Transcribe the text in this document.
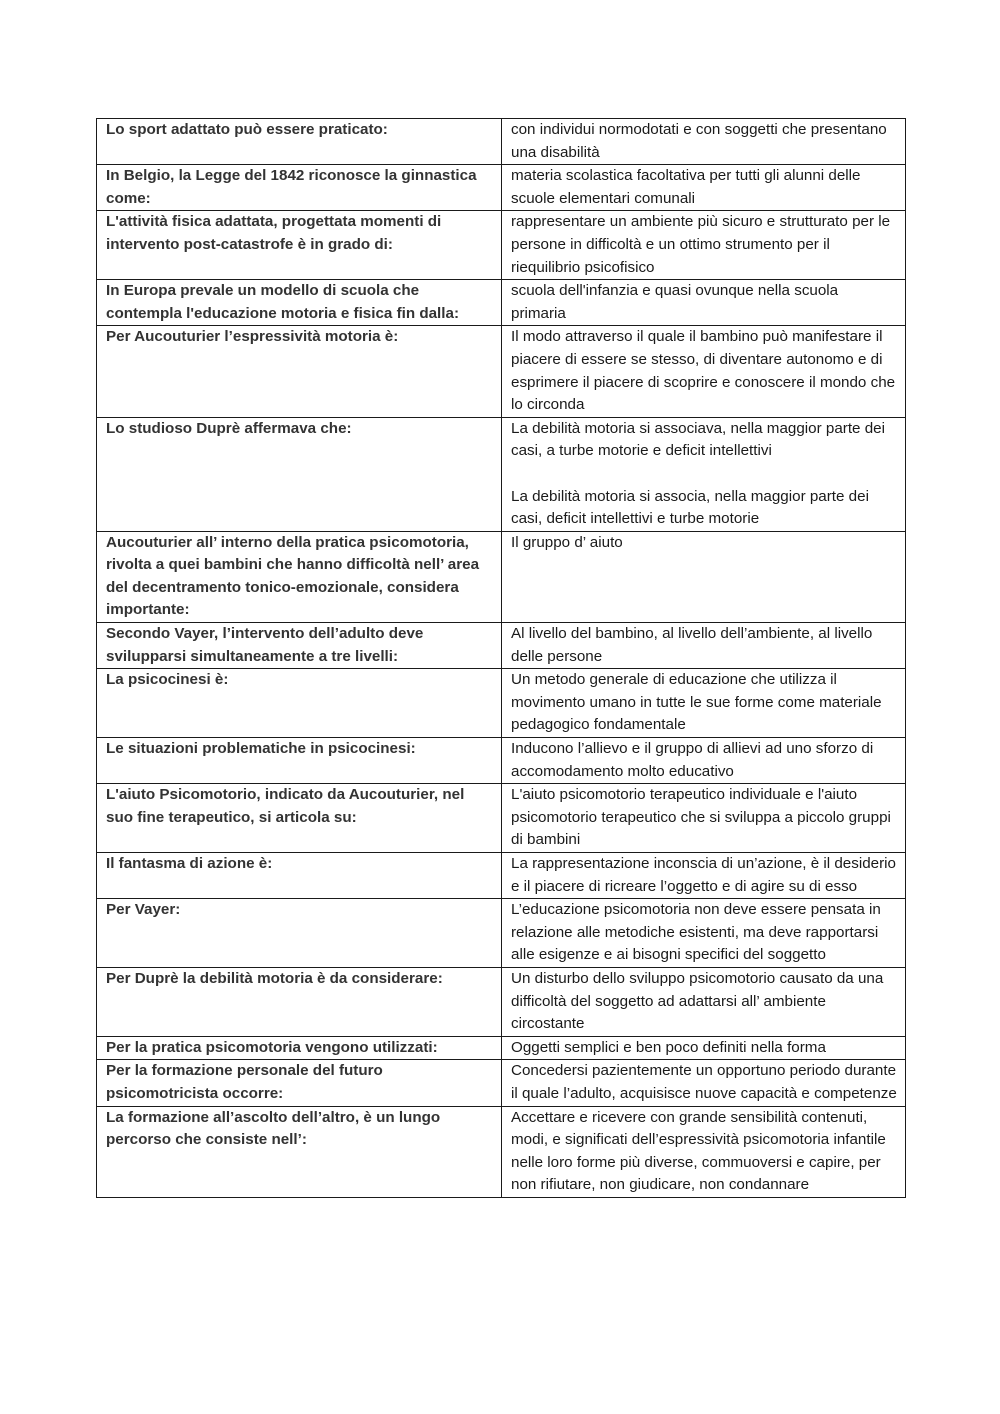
Lo sport adattato può essere praticato:	con individui normodotati e con soggetti che presentano una disabilità

In Belgio, la Legge del 1842 riconosce la ginnastica come:	materia scolastica facoltativa per tutti gli alunni delle scuole elementari comunali

L'attività fisica adattata, progettata momenti di intervento post-catastrofe è in grado di:	rappresentare un ambiente più sicuro e strutturato per le persone in difficoltà e un ottimo strumento per il riequilibrio psicofisico

In Europa prevale un modello di scuola che contempla l'educazione motoria e fisica fin dalla:	scuola dell'infanzia e quasi ovunque nella scuola primaria

Per Aucouturier l’espressività motoria è:	Il modo attraverso il quale il bambino può manifestare il piacere di essere se stesso, di diventare autonomo e di esprimere il piacere di scoprire e conoscere il mondo che lo circonda

Lo studioso Duprè affermava che:	La debilità motoria si associava, nella maggior parte dei casi, a turbe motorie e deficit intellettivi
La debilità motoria si associa, nella maggior parte dei casi, deficit intellettivi e turbe motorie

Aucouturier all’ interno della pratica psicomotoria, rivolta a quei bambini che hanno difficoltà nell’ area del decentramento tonico-emozionale, considera importante:	Il gruppo d’ aiuto

Secondo Vayer, l’intervento dell’adulto deve svilupparsi simultaneamente a tre livelli:	Al livello del bambino, al livello dell’ambiente, al livello delle persone

La psicocinesi è:	Un metodo generale di educazione che utilizza il movimento umano in tutte le sue forme come materiale pedagogico fondamentale

Le situazioni problematiche in psicocinesi:	Inducono l’allievo e il gruppo di allievi ad uno sforzo di accomodamento molto educativo

L'aiuto Psicomotorio, indicato da Aucouturier, nel suo fine terapeutico, si articola su:	L'aiuto psicomotorio terapeutico individuale e l'aiuto psicomotorio terapeutico che si sviluppa a piccolo gruppi di bambini

Il fantasma di azione è:	La rappresentazione inconscia di un’azione, è il desiderio e il piacere di ricreare l’oggetto e di agire su di esso

Per Vayer:	L’educazione psicomotoria non deve essere pensata in relazione alle metodiche esistenti, ma deve rapportarsi alle esigenze e ai bisogni specifici del soggetto

Per Duprè la debilità motoria è da considerare:	Un disturbo dello sviluppo psicomotorio causato da una difficoltà del soggetto ad adattarsi all’ ambiente circostante

Per la pratica psicomotoria vengono utilizzati:	Oggetti semplici e ben poco definiti nella forma

Per la formazione personale del futuro psicomotricista occorre:	Concedersi pazientemente un opportuno periodo durante il quale l’adulto, acquisisce nuove capacità e competenze

La formazione all’ascolto dell’altro, è un lungo percorso che consiste nell’:	Accettare e ricevere con grande sensibilità contenuti, modi, e significati dell’espressività psicomotoria infantile nelle loro forme più diverse, commuoversi e capire, per non rifiutare, non giudicare, non condannare
